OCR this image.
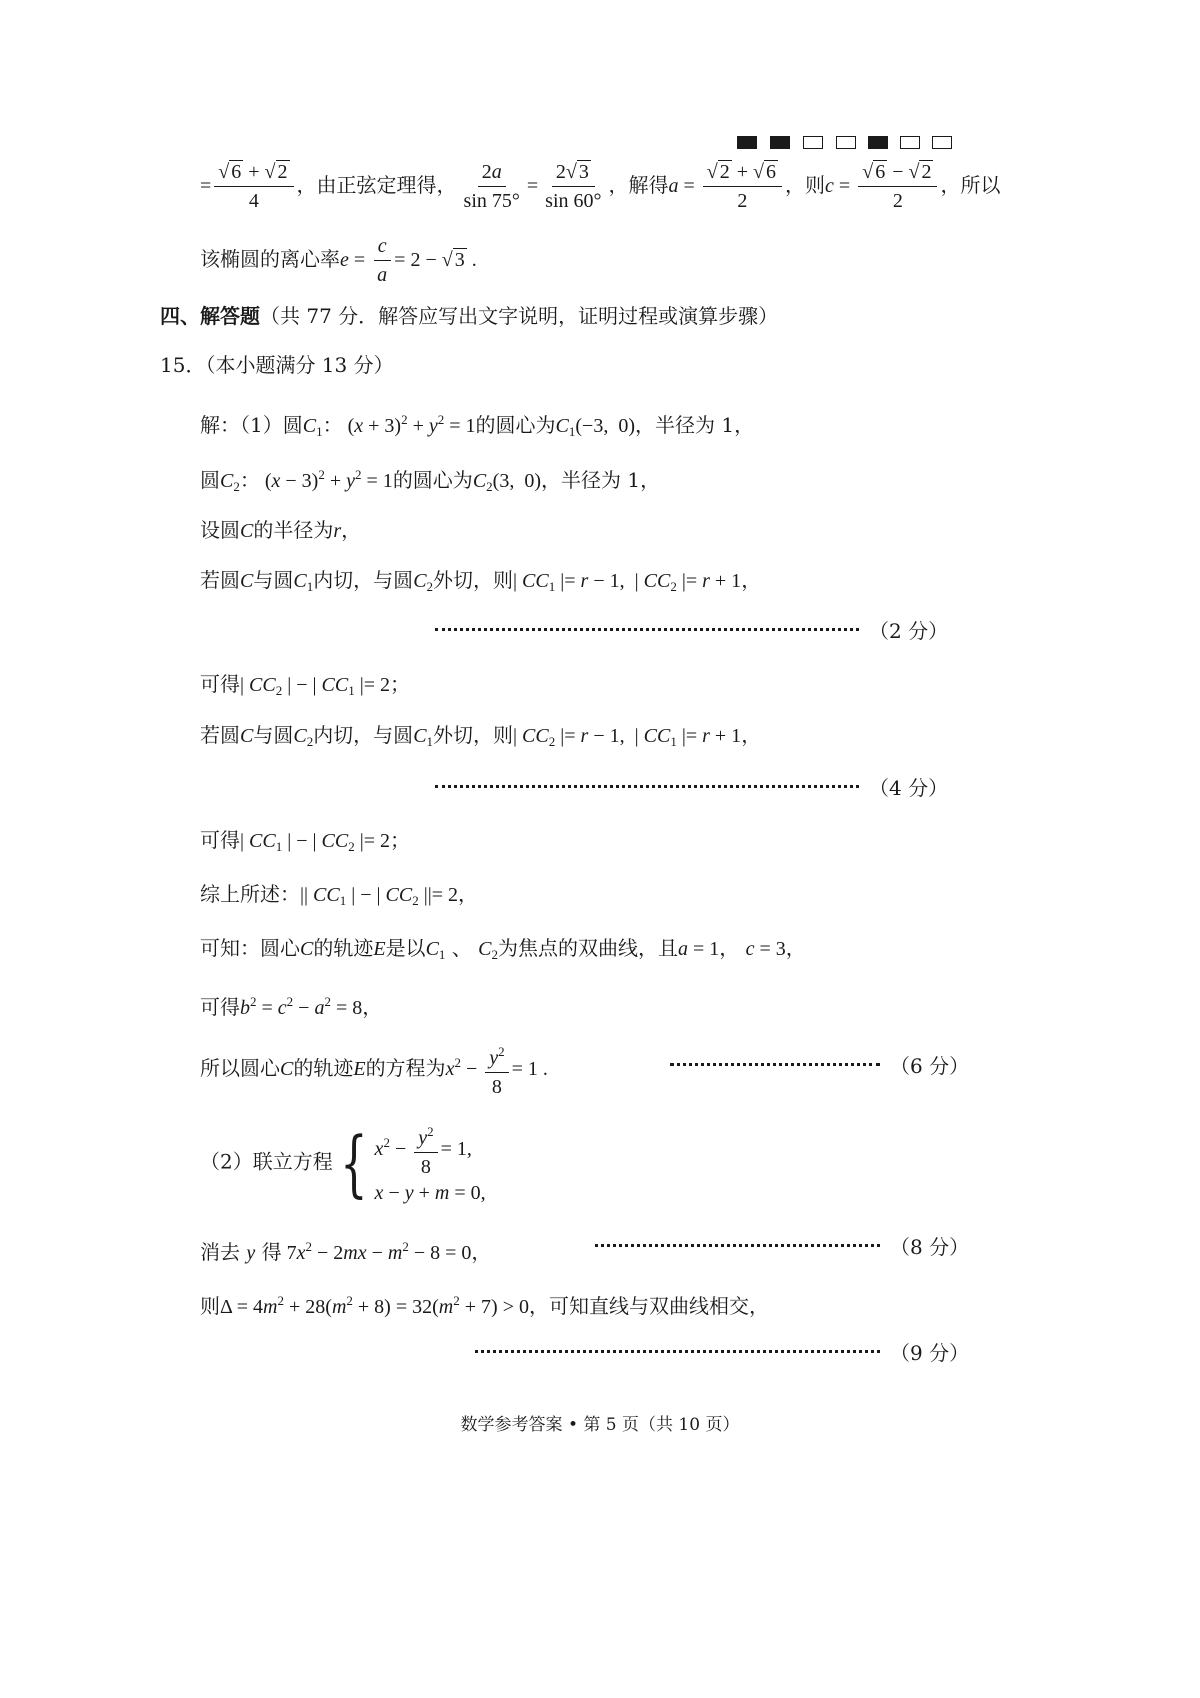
= $\frac{√ 6 + √ 2}{4}$ ，由正弦定理得， $\frac{2a}{\sin 75^\circ} = \frac{2√ 3}{\sin 60^\circ}$ ，解得$a = \frac{√ 2 + √ 6}{2}$ ，则$c = \frac{√ 6 - √ 2}{2}$ ，所以
该椭圆的离心率$e = \frac{c}{a} = 2$ − √ 3 .
四、解答题（共 77 分．解答应写出文字说明，证明过程或演算步骤）
15．（本小题满分 13 分）
解：（1）圆$C_1$： $(x + 3)^2 + y^2 = 1$的圆心为$C_1(-3$,  0)，半径为 1，
圆$C_2$： $(x - 3)^2 + y^2 = 1$的圆心为$C_2(3$,  0)，半径为 1，
设圆C的半径为r，
若圆C与圆$C_1$内切，与圆$C_2$外切，则| $CC_1$ |= r − 1,  | $CC_2$ |= r + 1，
（2 分）
可得| $CC_2$ | − | $CC_1$ |= 2；
若圆C与圆$C_2$内切，与圆$C_1$外切，则| $CC_2$ |= r − 1,  | $CC_1$ |= r + 1，
（4 分）
可得| $CC_1$ | − | $CC_2$ |= 2；
综上所述：|| $CC_1$ | − | $CC_2$ ||= 2，
可知：圆心C的轨迹E是以$C_1$ 、 $C_2$为焦点的双曲线，且a = 1， c = 3，
可得$b^2 = c^2 - a^2 = 8$，
所以圆心C的轨迹E的方程为$x^2 - \frac{y^2}{8} = 1$ .	（6 分）
（2）联立方程{ $x^2 - \frac{y^2}{8} = 1$,
x − y + m = 0,
消去 y 得 $7x^2 - 2mx - m^2 - 8 = 0$，	（8 分）
则$\Delta = 4m^2 + 28(m^2 + 8) = 32(m^2 + 7) > 0$，可知直线与双曲线相交，
（9 分）
数学参考答案 • 第 5 页（共 10 页）
